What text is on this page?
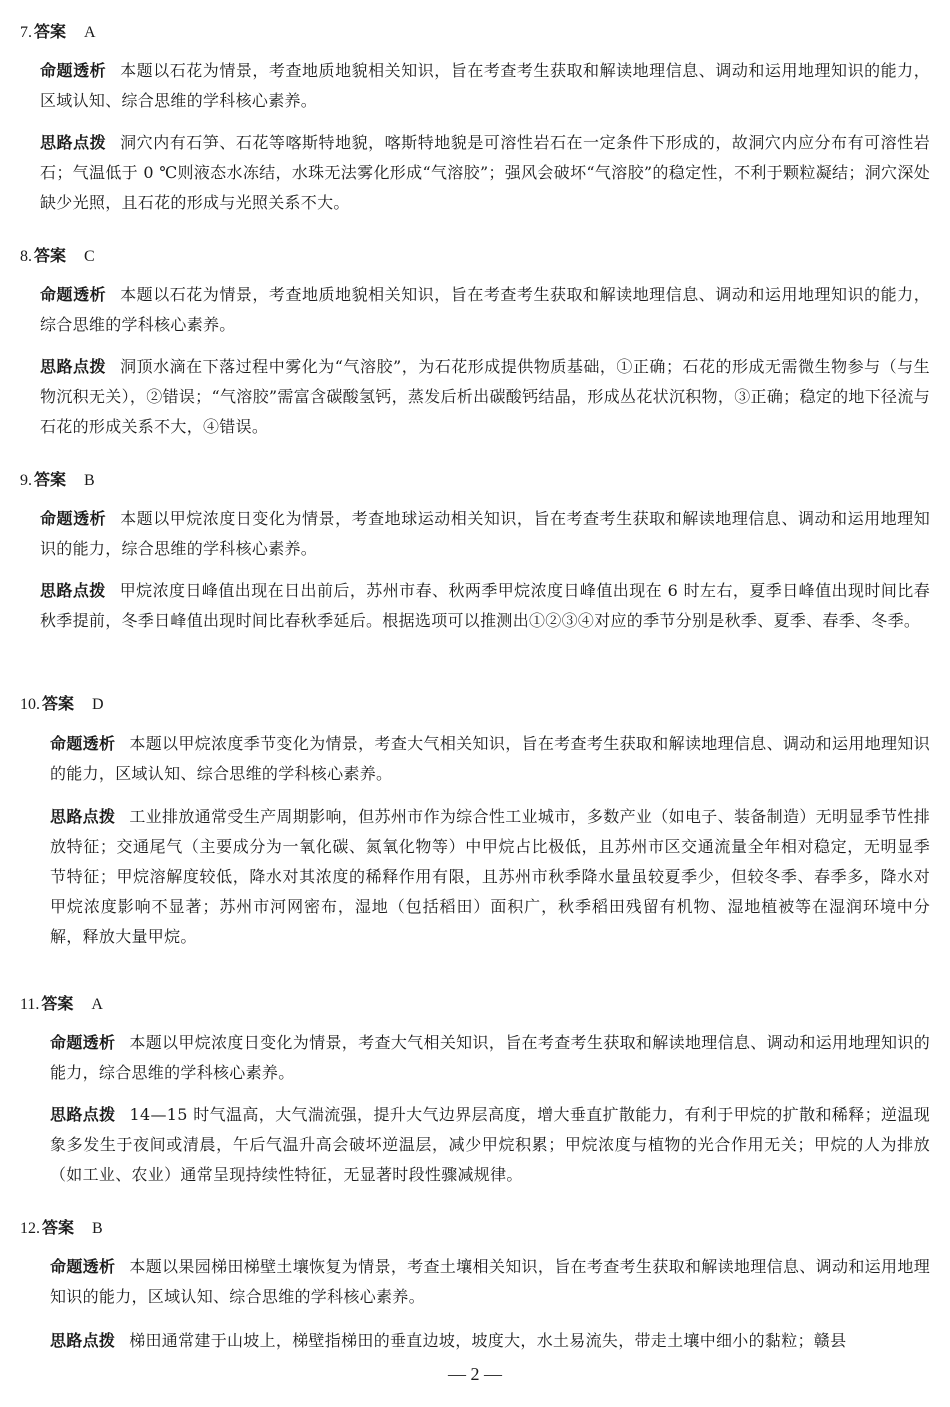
7. 答案 A
命题透析 本题以石花为情景，考查地质地貌相关知识，旨在考查考生获取和解读地理信息、调动和运用地理知识的能力，区域认知、综合思维的学科核心素养。
思路点拨 洞穴内有石笋、石花等喀斯特地貌，喀斯特地貌是可溶性岩石在一定条件下形成的，故洞穴内应分布有可溶性岩石；气温低于 0 ℃则液态水冻结，水珠无法雾化形成“气溶胶”；强风会破坏“气溶胶”的稳定性，不利于颗粒凝结；洞穴深处缺少光照，且石花的形成与光照关系不大。
8. 答案 C
命题透析 本题以石花为情景，考查地质地貌相关知识，旨在考查考生获取和解读地理信息、调动和运用地理知识的能力，综合思维的学科核心素养。
思路点拨 洞顶水滴在下落过程中雾化为“气溶胶”，为石花形成提供物质基础，①正确；石花的形成无需微生物参与（与生物沉积无关），②错误；“气溶胶”需富含碳酸氢钙，蒸发后析出碳酸钙结晶，形成丛花状沉积物，③正确；稳定的地下径流与石花的形成关系不大，④错误。
9. 答案 B
命题透析 本题以甲烷浓度日变化为情景，考查地球运动相关知识，旨在考查考生获取和解读地理信息、调动和运用地理知识的能力，综合思维的学科核心素养。
思路点拨 甲烷浓度日峰值出现在日出前后，苏州市春、秋两季甲烷浓度日峰值出现在 6 时左右，夏季日峰值出现时间比春秋季提前，冬季日峰值出现时间比春秋季延后。根据选项可以推测出①②③④对应的季节分别是秋季、夏季、春季、冬季。
10. 答案 D
命题透析 本题以甲烷浓度季节变化为情景，考查大气相关知识，旨在考查考生获取和解读地理信息、调动和运用地理知识的能力，区域认知、综合思维的学科核心素养。
思路点拨 工业排放通常受生产周期影响，但苏州市作为综合性工业城市，多数产业（如电子、装备制造）无明显季节性排放特征；交通尾气（主要成分为一氧化碳、氮氧化物等）中甲烷占比极低，且苏州市区交通流量全年相对稳定，无明显季节特征；甲烷溶解度较低，降水对其浓度的稀释作用有限，且苏州市秋季降水量虽较夏季少，但较冬季、春季多，降水对甲烷浓度影响不显著；苏州市河网密布，湿地（包括稻田）面积广，秋季稻田残留有机物、湿地植被等在湿润环境中分解，释放大量甲烷。
11. 答案 A
命题透析 本题以甲烷浓度日变化为情景，考查大气相关知识，旨在考查考生获取和解读地理信息、调动和运用地理知识的能力，综合思维的学科核心素养。
思路点拨 14—15 时气温高，大气湍流强，提升大气边界层高度，增大垂直扩散能力，有利于甲烷的扩散和稀释；逆温现象多发生于夜间或清晨，午后气温升高会破坏逆温层，减少甲烷积累；甲烷浓度与植物的光合作用无关；甲烷的人为排放（如工业、农业）通常呈现持续性特征，无显著时段性骤减规律。
12. 答案 B
命题透析 本题以果园梯田梯壁土壤恢复为情景，考查土壤相关知识，旨在考查考生获取和解读地理信息、调动和运用地理知识的能力，区域认知、综合思维的学科核心素养。
思路点拨 梯田通常建于山坡上，梯壁指梯田的垂直边坡，坡度大，水土易流失，带走土壤中细小的黏粒；赣县
— 2 —
